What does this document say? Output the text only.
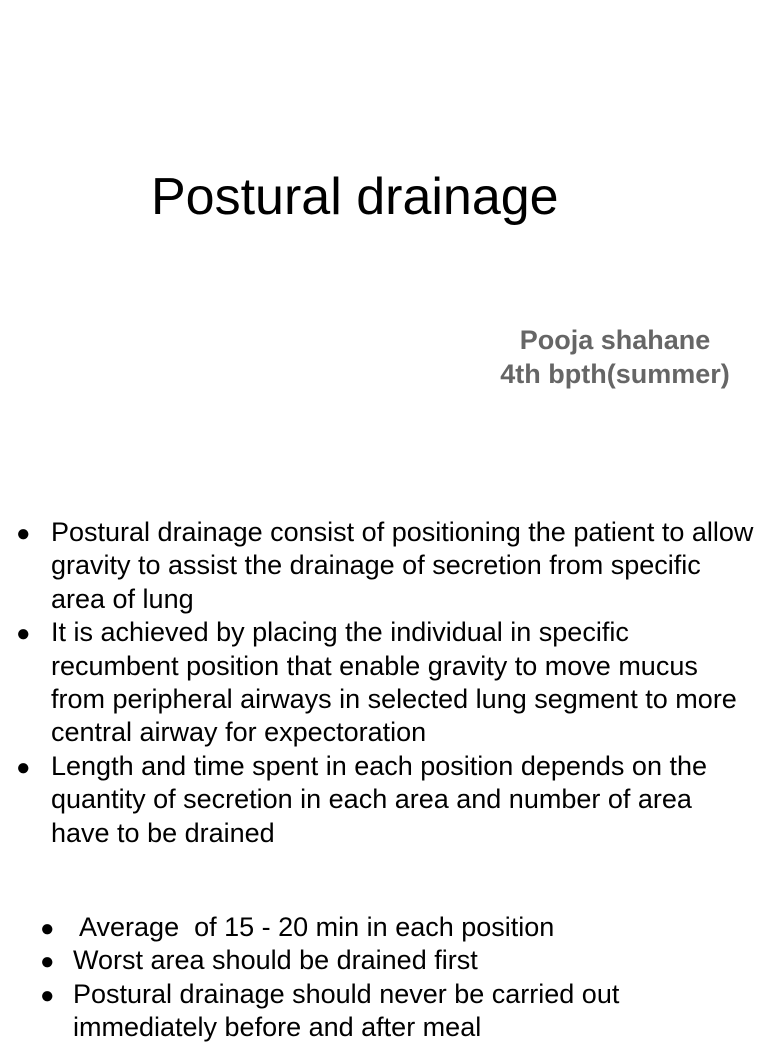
Postural drainage
Pooja shahane
4th bpth(summer)
● Postural drainage consist of positioning the patient to allow gravity to assist the drainage of secretion from specific area of lung
● It is achieved by placing the individual in specific recumbent position that enable gravity to move mucus from peripheral airways in selected lung segment to more central airway for expectoration
● Length and time spent in each position depends on the quantity of secretion in each area and number of area have to be drained
● Average  of 15 - 20 min in each position
● Worst area should be drained first
● Postural drainage should never be carried out immediately before and after meal
